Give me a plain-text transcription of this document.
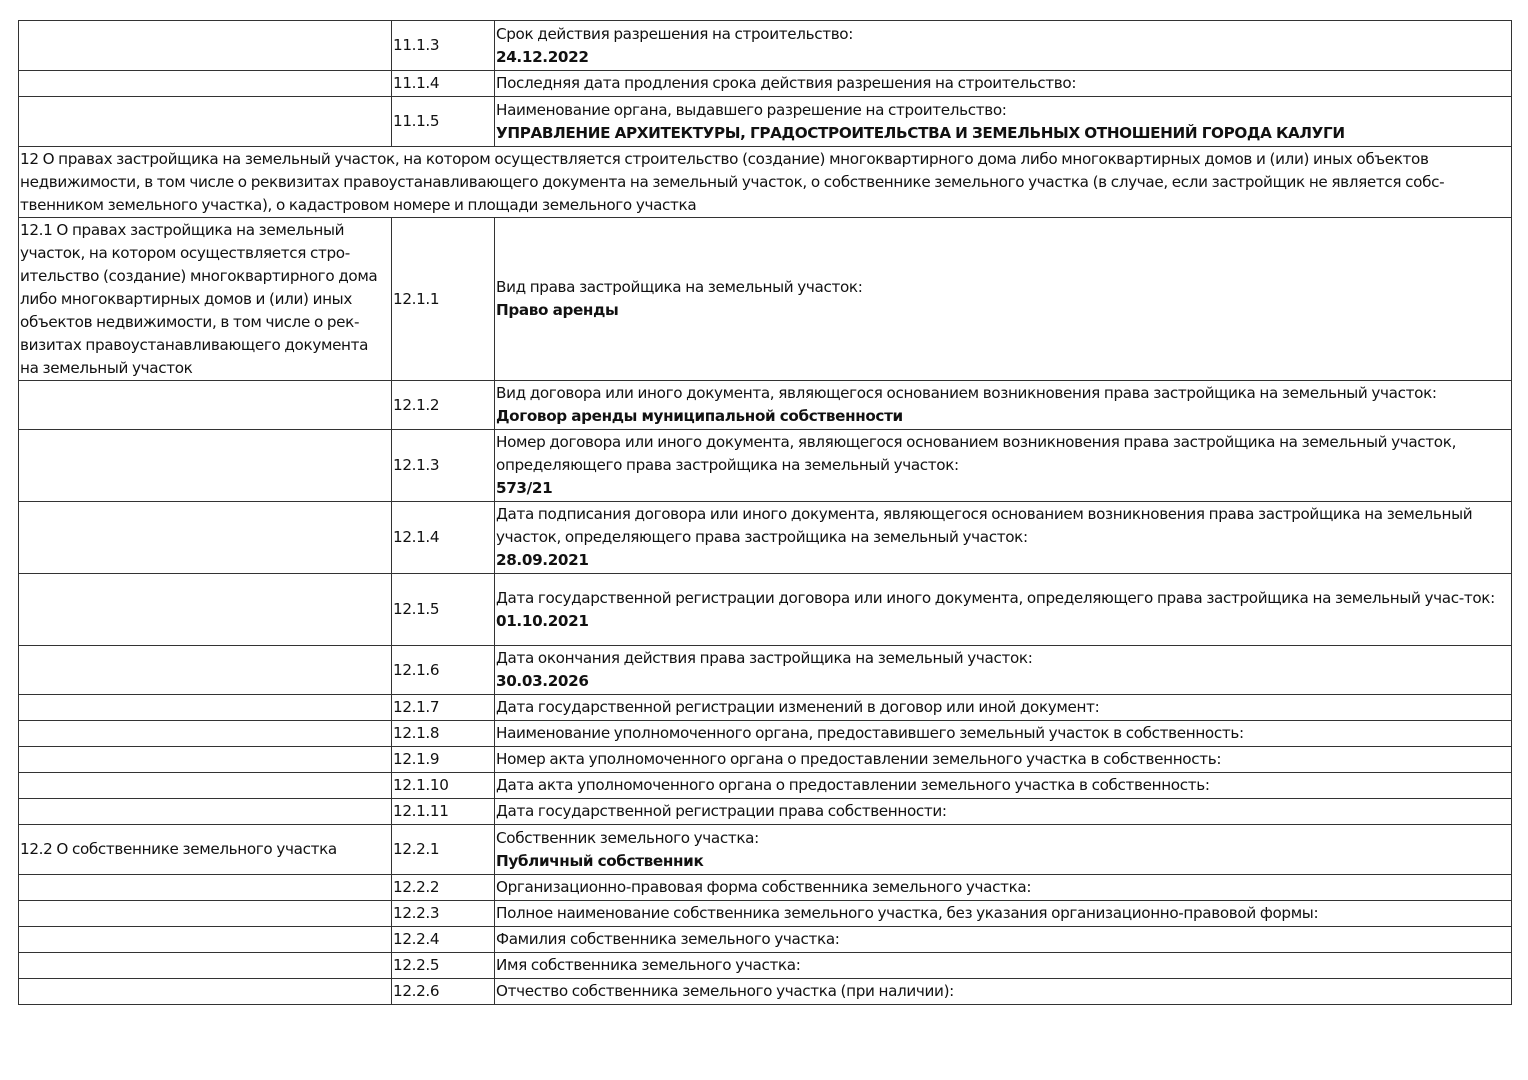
	11.1.3	Срок действия разрешения на строительство:
24.12.2022

	11.1.4	Последняя дата продления срока действия разрешения на строительство:

	11.1.5	Наименование органа, выдавшего разрешение на строительство:
УПРАВЛЕНИЕ АРХИТЕКТУРЫ, ГРАДОСТРОИТЕЛЬСТВА И ЗЕМЕЛЬНЫХ ОТНОШЕНИЙ ГОРОДА КАЛУГИ

12 О правах застройщика на земельный участок, на котором осуществляется строительство (создание) многоквартирного дома либо многоквартирных домов и (или) иных объектов недвижимости, в том числе о реквизитах правоустанавливающего документа на земельный участок, о собственнике земельного участка (в случае, если застройщик не является собс-твенником земельного участка), о кадастровом номере и площади земельного участка		
12.1 О правах застройщика на земельный участок, на котором осуществляется стро-ительство (создание) многоквартирного дома либо многоквартирных домов и (или) иных объектов недвижимости, в том числе о рек-визитах правоустанавливающего документа на земельный участок	12.1.1	Вид права застройщика на земельный участок:
Право аренды

	12.1.2	Вид договора или иного документа, являющегося основанием возникновения права застройщика на земельный участок:
Договор аренды муниципальной собственности

	12.1.3	Номер договора или иного документа, являющегося основанием возникновения права застройщика на земельный участок, определяющего права застройщика на земельный участок:
573/21

	12.1.4	Дата подписания договора или иного документа, являющегося основанием возникновения права застройщика на земельный участок, определяющего права застройщика на земельный участок:
28.09.2021

	12.1.5	Дата государственной регистрации договора или иного документа, определяющего права застройщика на земельный учас-ток:
01.10.2021

	12.1.6	Дата окончания действия права застройщика на земельный участок:
30.03.2026

	12.1.7	Дата государственной регистрации изменений в договор или иной документ:

	12.1.8	Наименование уполномоченного органа, предоставившего земельный участок в собственность:

	12.1.9	Номер акта уполномоченного органа о предоставлении земельного участка в собственность:

	12.1.10	Дата акта уполномоченного органа о предоставлении земельного участка в собственность:

	12.1.11	Дата государственной регистрации права собственности:

12.2 О собственнике земельного участка	12.2.1	Собственник земельного участка:
Публичный собственник

	12.2.2	Организационно-правовая форма собственника земельного участка:

	12.2.3	Полное наименование собственника земельного участка, без указания организационно-правовой формы:

	12.2.4	Фамилия собственника земельного участка:

	12.2.5	Имя собственника земельного участка:

	12.2.6	Отчество собственника земельного участка (при наличии):
